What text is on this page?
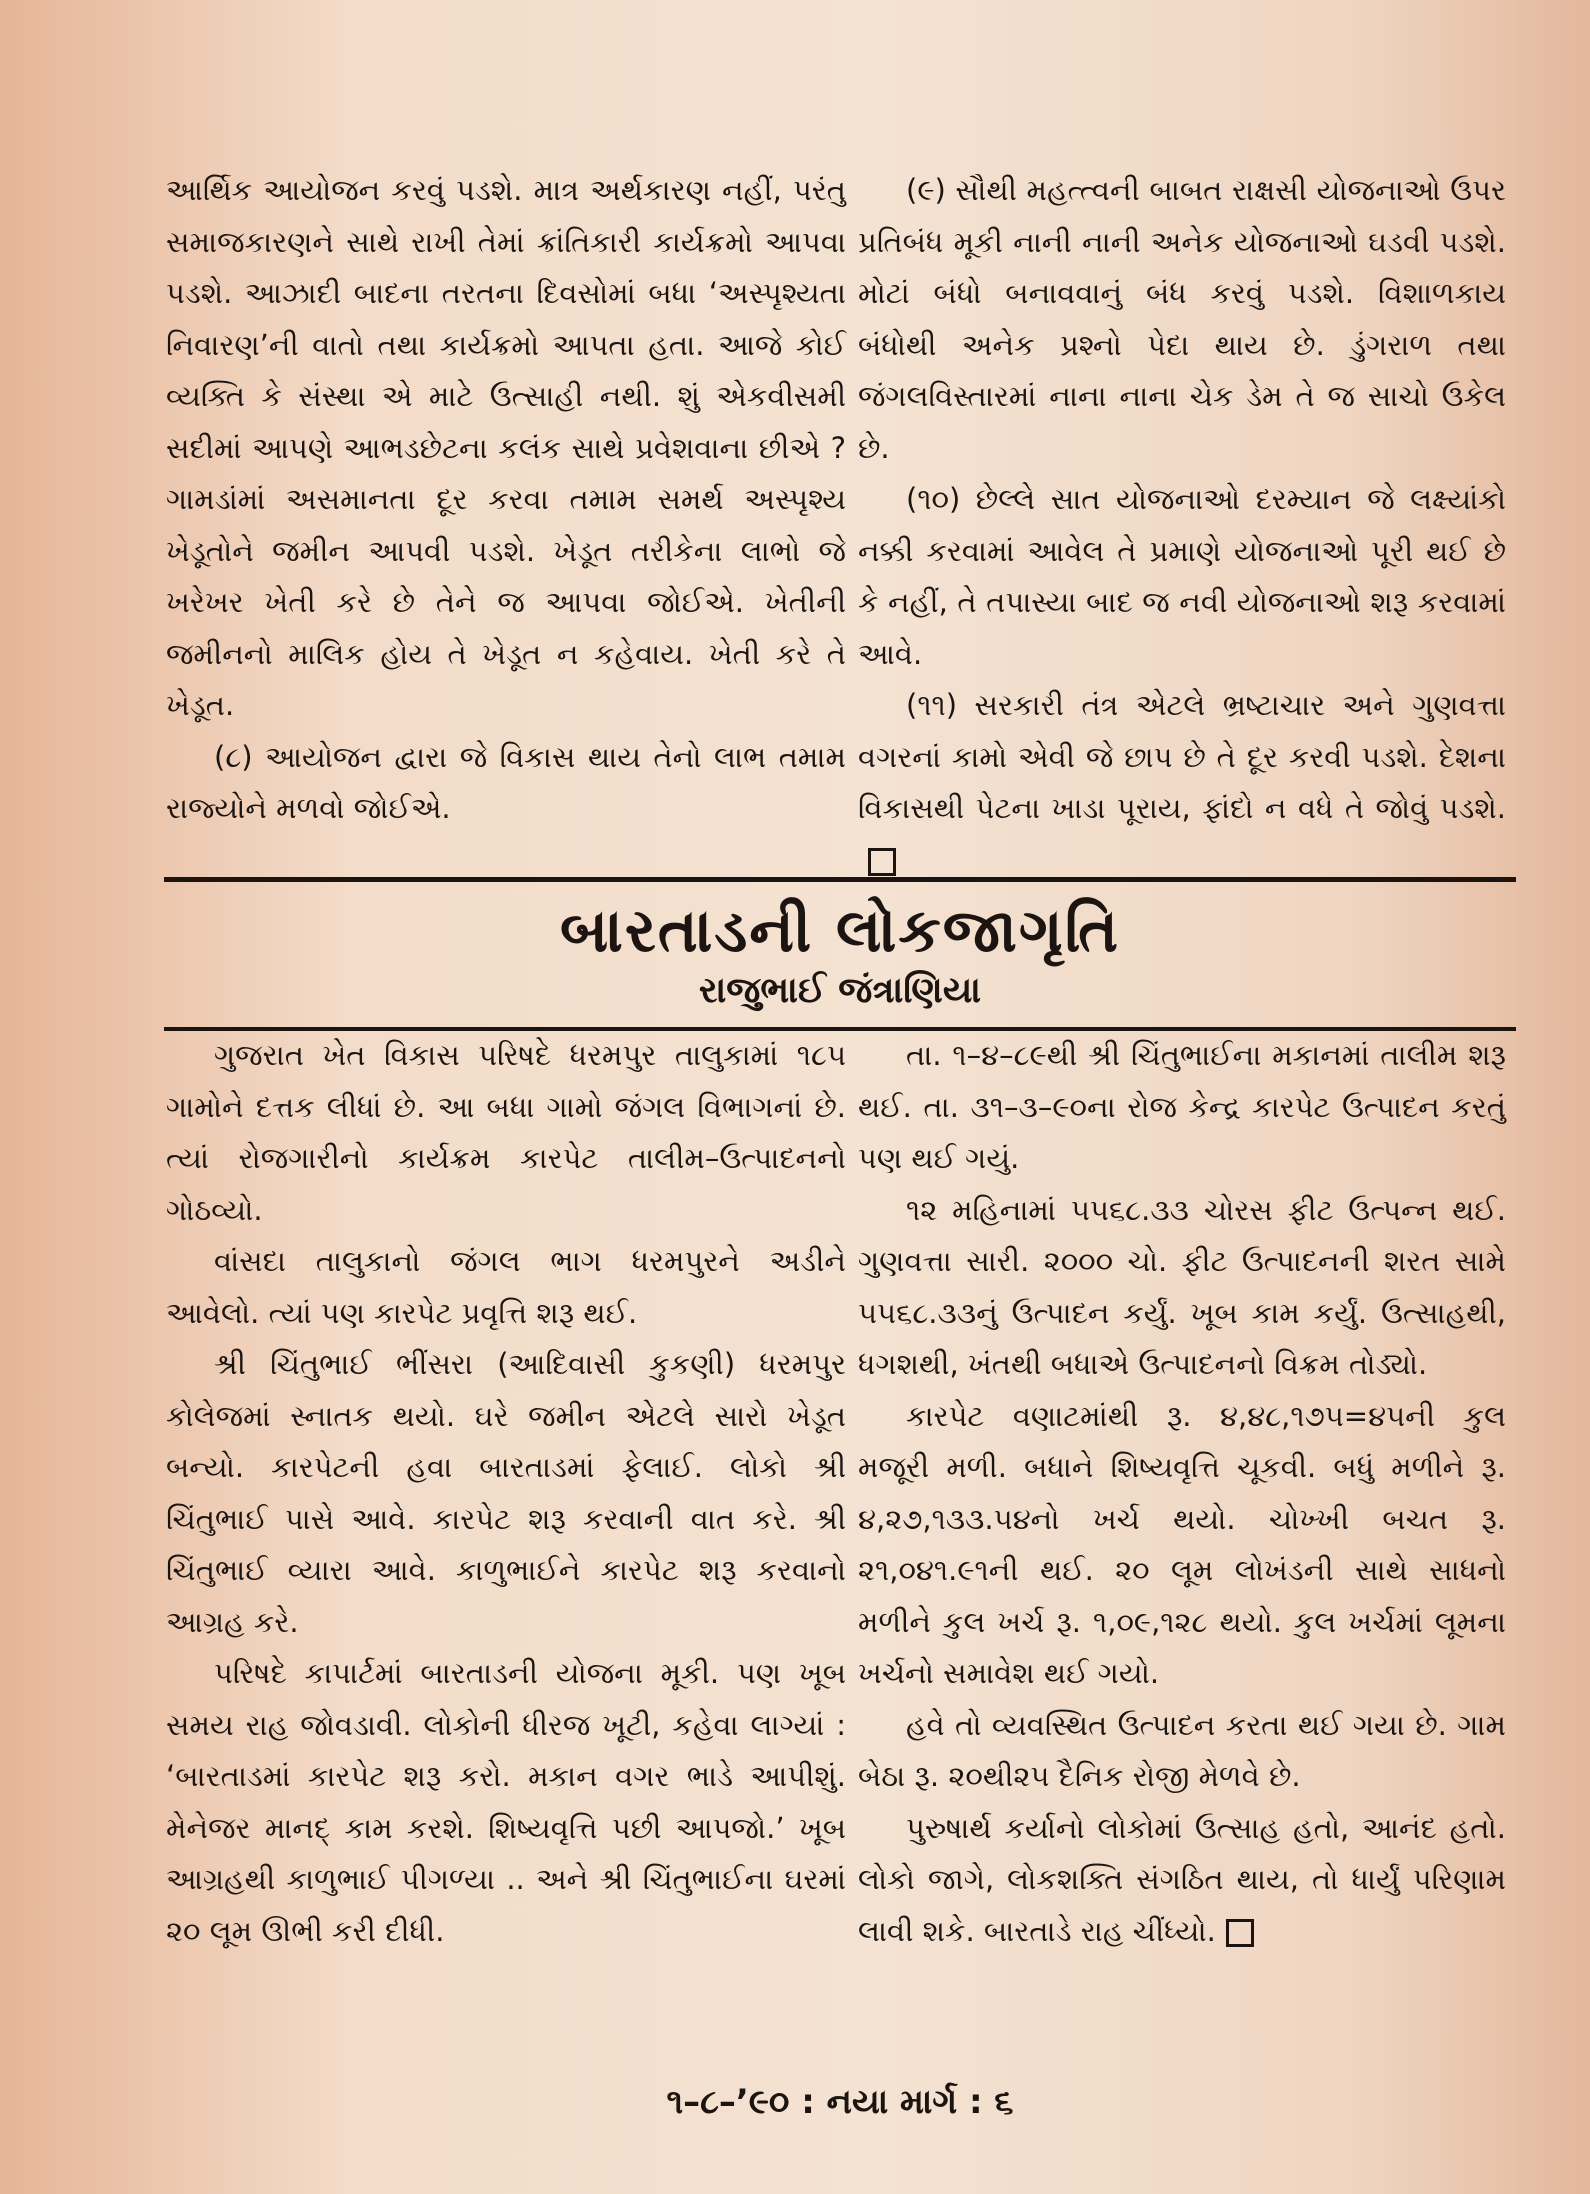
આર્થિક આયોજન કરવું પડશે. માત્ર અર્થકારણ નહીં, પરંતુ સમાજકારણને સાથે રાખી તેમાં ક્રાંતિકારી કાર્યક્રમો આપવા પડશે. આઝાદી બાદના તરતના દિવસોમાં બધા ‘અસ્પૃશ્યતા નિવારણ’ની વાતો તથા કાર્યક્રમો આપતા હતા. આજે કોઈ વ્યક્તિ કે સંસ્થા એ માટે ઉત્સાહી નથી. શું એકવીસમી સદીમાં આપણે આભડછેટના કલંક સાથે પ્રવેશવાના છીએ ? ગામડાંમાં અસમાનતા દૂર કરવા તમામ સમર્થ અસ્પૃશ્ય ખેડૂતોને જમીન આપવી પડશે. ખેડૂત તરીકેના લાભો જે ખરેખર ખેતી કરે છે તેને જ આપવા જોઈએ. ખેતીની જમીનનો માલિક હોય તે ખેડૂત ન કહેવાય. ખેતી કરે તે ખેડૂત.

(૮) આયોજન દ્વારા જે વિકાસ થાય તેનો લાભ તમામ રાજ્યોને મળવો જોઈએ.

(૯) સૌથી મહત્ત્વની બાબત રાક્ષસી યોજનાઓ ઉપર પ્રતિબંધ મૂકી નાની નાની અનેક યોજનાઓ ઘડવી પડશે. મોટાં બંધો બનાવવાનું બંધ કરવું પડશે. વિશાળકાય બંધોથી અનેક પ્રશ્નો પેદા થાય છે. ડુંગરાળ તથા જંગલવિસ્તારમાં નાના નાના ચેક ડેમ તે જ સાચો ઉકેલ છે.

(૧૦) છેલ્લે સાત યોજનાઓ દરમ્યાન જે લક્ષ્યાંકો નક્કી કરવામાં આવેલ તે પ્રમાણે યોજનાઓ પૂરી થઈ છે કે નહીં, તે તપાસ્યા બાદ જ નવી યોજનાઓ શરૂ કરવામાં આવે.

(૧૧) સરકારી તંત્ર એટલે ભ્રષ્ટાચાર અને ગુણવત્તા વગરનાં કામો એવી જે છાપ છે તે દૂર કરવી પડશે. દેશના વિકાસથી પેટના ખાડા પૂરાય, ફાંદો ન વધે તે જોવું પડશે.

બારતાડની લોકજાગૃતિ
રાજુભાઈ જંત્રાણિયા

ગુજરાત ખેત વિકાસ પરિષદે ધરમપુર તાલુકામાં ૧૮૫ ગામોને દત્તક લીધાં છે. આ બધા ગામો જંગલ વિભાગનાં છે. ત્યાં રોજગારીનો કાર્યક્રમ કારપેટ તાલીમ–ઉત્પાદનનો ગોઠવ્યો.

વાંસદા તાલુકાનો જંગલ ભાગ ધરમપુરને અડીને આવેલો. ત્યાં પણ કારપેટ પ્રવૃત્તિ શરૂ થઈ.

શ્રી ચિંતુભાઈ ભીંસરા (આદિવાસી કુકણી) ધરમપુર કોલેજમાં સ્નાતક થયો. ઘરે જમીન એટલે સારો ખેડૂત બન્યો. કારપેટની હવા બારતાડમાં ફેલાઈ. લોકો શ્રી ચિંતુભાઈ પાસે આવે. કારપેટ શરૂ કરવાની વાત કરે. શ્રી ચિંતુભાઈ વ્યારા આવે. કાળુભાઈને કારપેટ શરૂ કરવાનો આગ્રહ કરે.

પરિષદે કાપાર્ટમાં બારતાડની યોજના મૂકી. પણ ખૂબ સમય રાહ જોવડાવી. લોકોની ધીરજ ખૂટી, કહેવા લાગ્યાં : ‘બારતાડમાં કારપેટ શરૂ કરો. મકાન વગર ભાડે આપીશું. મેનેજર માનદ્ કામ કરશે. શિષ્યવૃત્તિ પછી આપજો.’ ખૂબ આગ્રહથી કાળુભાઈ પીગળ્યા .. અને શ્રી ચિંતુભાઈના ઘરમાં ૨૦ લૂમ ઊભી કરી દીધી.

તા. ૧–૪–૮૯થી શ્રી ચિંતુભાઈના મકાનમાં તાલીમ શરૂ થઈ. તા. ૩૧–૩–૯૦ના રોજ કેન્દ્ર કારપેટ ઉત્પાદન કરતું પણ થઈ ગયું.

૧૨ મહિનામાં ૫૫૬૮.૩૩ ચોરસ ફીટ ઉત્પન્ન થઈ. ગુણવત્તા સારી. ૨૦૦૦ ચો. ફીટ ઉત્પાદનની શરત સામે ૫૫૬૮.૩૩નું ઉત્પાદન કર્યું. ખૂબ કામ કર્યું. ઉત્સાહથી, ધગશથી, ખંતથી બધાએ ઉત્પાદનનો વિક્રમ તોડ્યો.

કારપેટ વણાટમાંથી રૂ. ૪,૪૮,૧૭૫=૪૫ની કુલ મજૂરી મળી. બધાને શિષ્યવૃત્તિ ચૂકવી. બધું મળીને રૂ. ૪,૨૭,૧૩૩.૫૪નો ખર્ચ થયો. ચોખ્ખી બચત રૂ. ૨૧,૦૪૧.૯૧ની થઈ. ૨૦ લૂમ લોખંડની સાથે સાધનો મળીને કુલ ખર્ચ રૂ. ૧,૦૯,૧૨૮ થયો. કુલ ખર્ચમાં લૂમના ખર્ચનો સમાવેશ થઈ ગયો.

હવે તો વ્યવસ્થિત ઉત્પાદન કરતા થઈ ગયા છે. ગામ બેઠા રૂ. ૨૦થી૨૫ દૈનિક રોજી મેળવે છે.

પુરુષાર્થ કર્યાનો લોકોમાં ઉત્સાહ હતો, આનંદ હતો. લોકો જાગે, લોકશક્તિ સંગઠિત થાય, તો ધાર્યું પરિણામ લાવી શકે. બારતાડે રાહ ચીંધ્યો.

૧–૮–’૯૦ : નયા માર્ગ : ૬
